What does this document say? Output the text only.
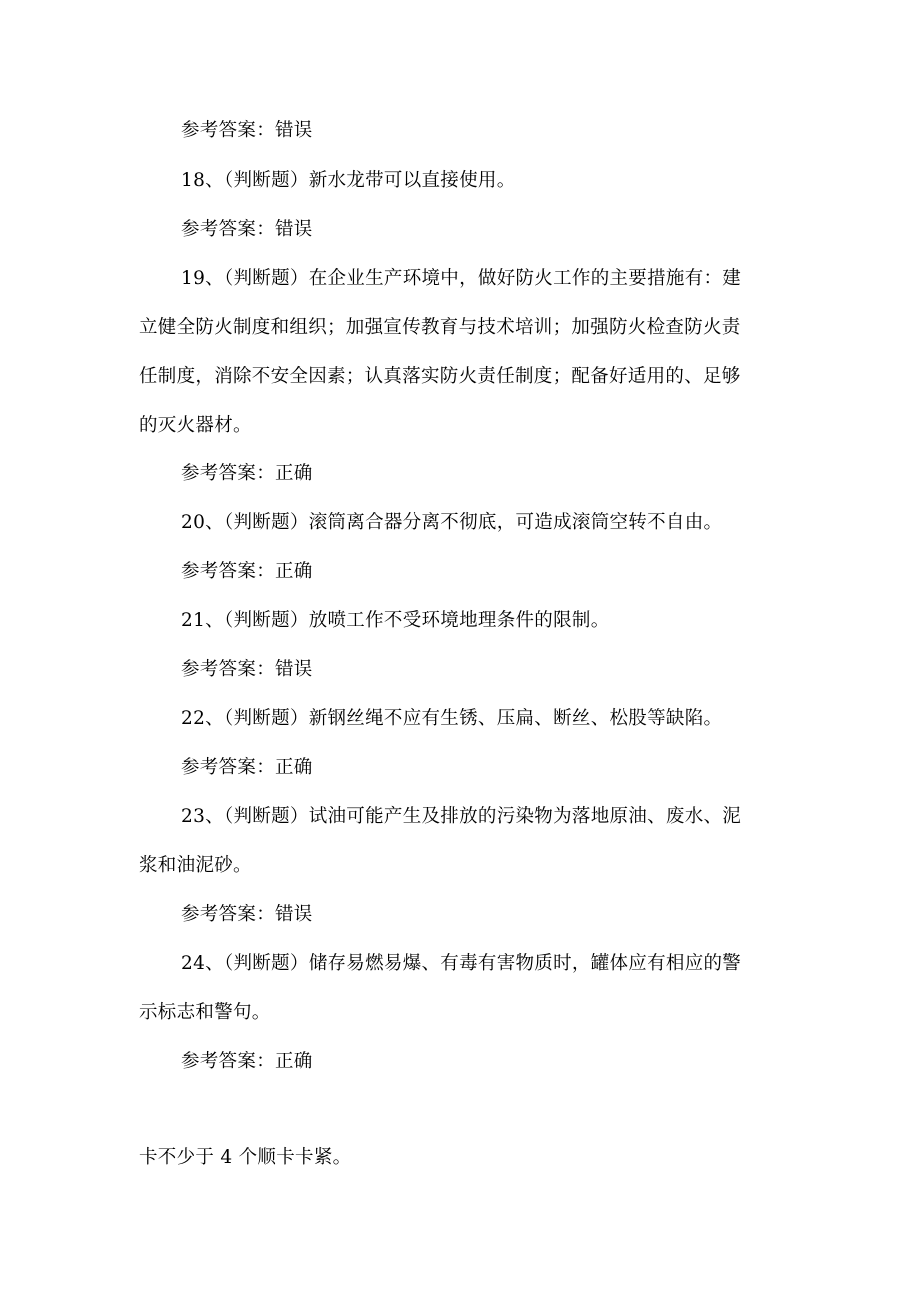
参考答案：错误
18、（判断题）新水龙带可以直接使用。
参考答案：错误
19、（判断题）在企业生产环境中，做好防火工作的主要措施有：建
立健全防火制度和组织；加强宣传教育与技术培训；加强防火检查防火责
任制度，消除不安全因素；认真落实防火责任制度；配备好适用的、足够
的灭火器材。
参考答案：正确
20、（判断题）滚筒离合器分离不彻底，可造成滚筒空转不自由。
参考答案：正确
21、（判断题）放喷工作不受环境地理条件的限制。
参考答案：错误
22、（判断题）新钢丝绳不应有生锈、压扁、断丝、松股等缺陷。
参考答案：正确
23、（判断题）试油可能产生及排放的污染物为落地原油、废水、泥
浆和油泥砂。
参考答案：错误
24、（判断题）储存易燃易爆、有毒有害物质时，罐体应有相应的警
示标志和警句。
参考答案：正确
卡不少于 4 个顺卡卡紧。
